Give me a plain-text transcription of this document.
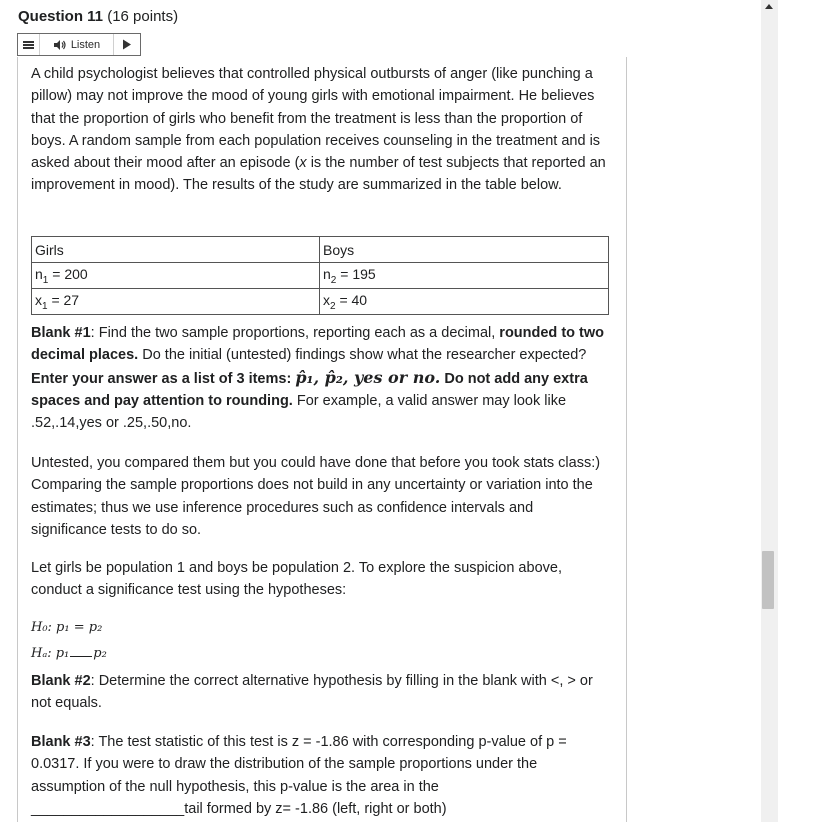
Question 11 (16 points)
Listen
A child psychologist believes that controlled physical outbursts of anger (like punching a pillow) may not improve the mood of young girls with emotional impairment. He believes that the proportion of girls who benefit from the treatment is less than the proportion of boys. A random sample from each population receives counseling in the treatment and is asked about their mood after an episode (x is the number of test subjects that reported an improvement in mood). The results of the study are summarized in the table below.
Girls	Boys
$n_1 = 200$	$n_2 = 195$
$x_1 = 27$	$x_2 = 40$
Blank #1: Find the two sample proportions, reporting each as a decimal, rounded to two decimal places. Do the initial (untested) findings show what the researcher expected? Enter your answer as a list of 3 items: p̂₁, p̂₂, yes or no. Do not add any extra spaces and pay attention to rounding. For example, a valid answer may look like .52,.14,yes or .25,.50,no.
Untested, you compared them but you could have done that before you took stats class:) Comparing the sample proportions does not build in any uncertainty or variation into the estimates; thus we use inference procedures such as confidence intervals and significance tests to do so.
Let girls be population 1 and boys be population 2. To explore the suspicion above, conduct a significance test using the hypotheses:
H₀: p₁ = p₂
Hₐ: p₁ p₂
Blank #2: Determine the correct alternative hypothesis by filling in the blank with <, > or not equals.
Blank #3: The test statistic of this test is z = -1.86 with corresponding p-value of p = 0.0317. If you were to draw the distribution of the sample proportions under the assumption of the null hypothesis, this p-value is the area in the
___________________tail formed by z= -1.86 (left, right or both)
